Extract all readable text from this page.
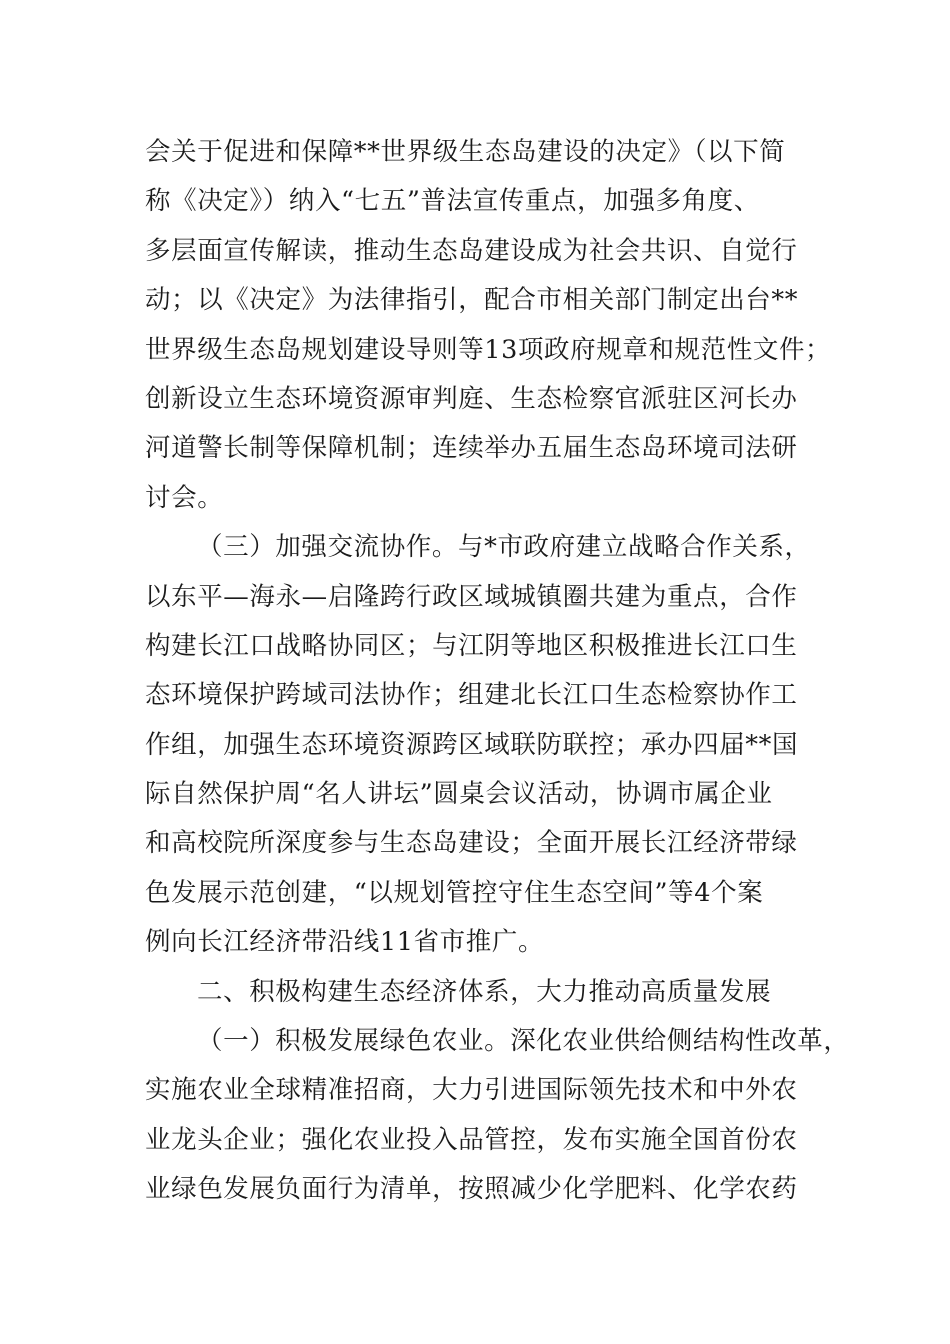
会关于促进和保障**世界级生态岛建设的决定》（以下简
称《决定》）纳入“七五”普法宣传重点，加强多角度、
多层面宣传解读，推动生态岛建设成为社会共识、自觉行
动；以《决定》为法律指引，配合市相关部门制定出台**
世界级生态岛规划建设导则等13项政府规章和规范性文件；
创新设立生态环境资源审判庭、生态检察官派驻区河长办
河道警长制等保障机制；连续举办五届生态岛环境司法研
讨会。
（三）加强交流协作。与*市政府建立战略合作关系，
以东平—海永—启隆跨行政区域城镇圈共建为重点，合作
构建长江口战略协同区；与江阴等地区积极推进长江口生
态环境保护跨域司法协作；组建北长江口生态检察协作工
作组，加强生态环境资源跨区域联防联控；承办四届**国
际自然保护周“名人讲坛”圆桌会议活动，协调市属企业
和高校院所深度参与生态岛建设；全面开展长江经济带绿
色发展示范创建，“以规划管控守住生态空间”等4个案
例向长江经济带沿线11省市推广。
二、积极构建生态经济体系，大力推动高质量发展
（一）积极发展绿色农业。深化农业供给侧结构性改革，
实施农业全球精准招商，大力引进国际领先技术和中外农
业龙头企业；强化农业投入品管控，发布实施全国首份农
业绿色发展负面行为清单，按照减少化学肥料、化学农药
